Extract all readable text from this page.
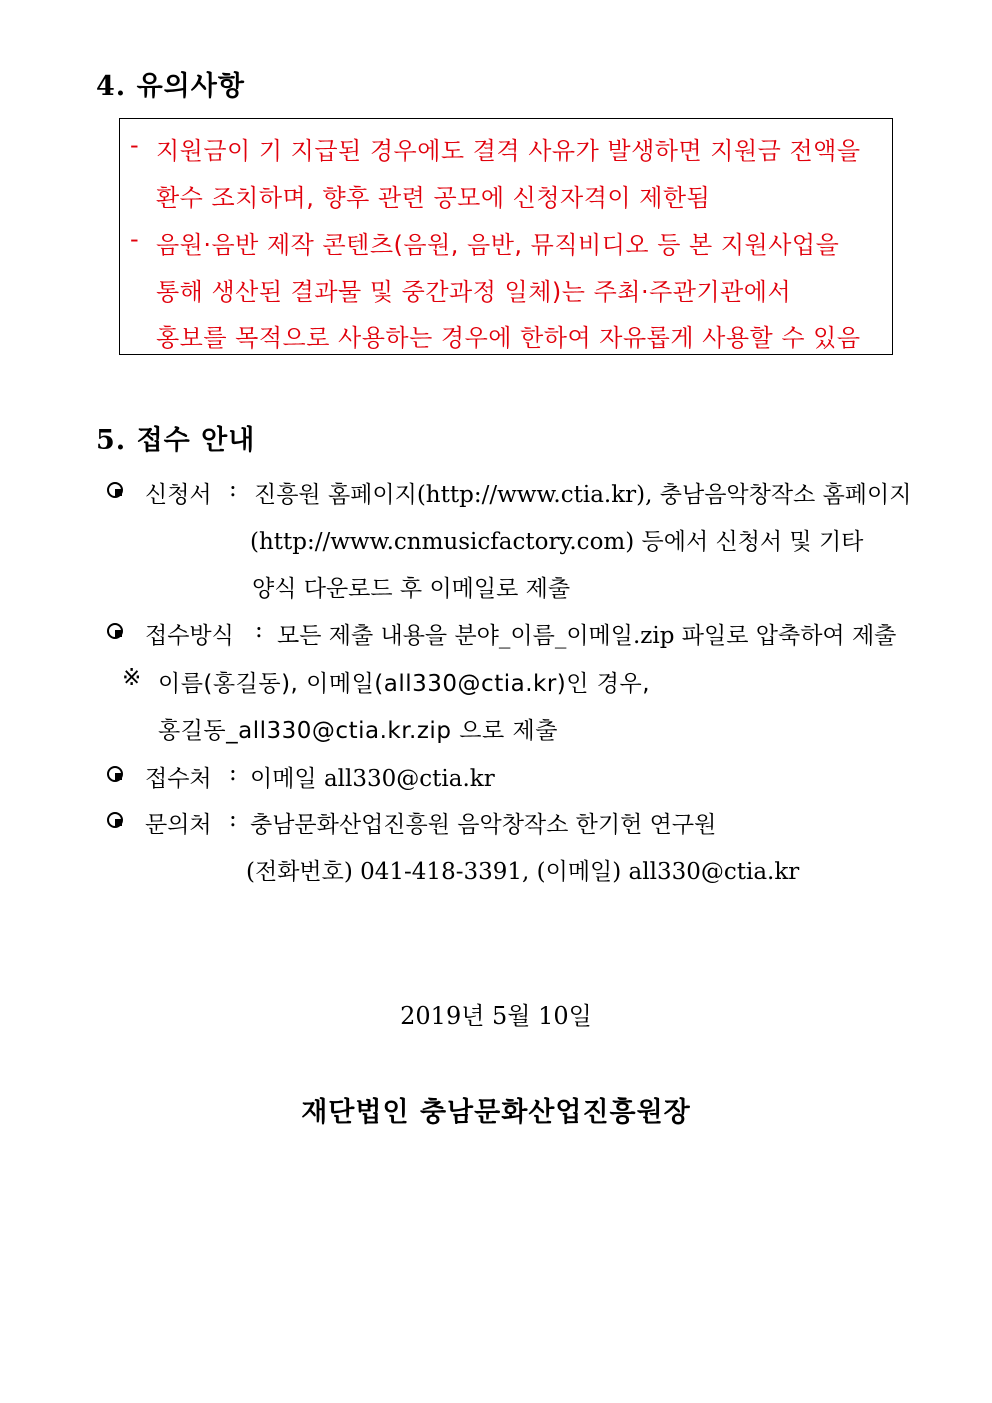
4. 유의사항
- 지원금이 기 지급된 경우에도 결격 사유가 발생하면 지원금 전액을
환수 조치하며, 향후 관련 공모에 신청자격이 제한됨
- 음원·음반 제작 콘텐츠(음원, 음반, 뮤직비디오 등 본 지원사업을
통해 생산된 결과물 및 중간과정 일체)는 주최·주관기관에서
홍보를 목적으로 사용하는 경우에 한하여 자유롭게 사용할 수 있음
5. 접수 안내
신청서 : 진흥원 홈페이지(http://www.ctia.kr), 충남음악창작소 홈페이지
(http://www.cnmusicfactory.com) 등에서 신청서 및 기타
양식 다운로드 후 이메일로 제출
접수방식 : 모든 제출 내용을 분야_이름_이메일.zip 파일로 압축하여 제출
※ 이름(홍길동), 이메일(all330@ctia.kr)인 경우,
홍길동_all330@ctia.kr.zip 으로 제출
접수처 : 이메일 all330@ctia.kr
문의처 : 충남문화산업진흥원 음악창작소 한기헌 연구원
(전화번호) 041-418-3391, (이메일) all330@ctia.kr
2019년 5월 10일
재단법인 충남문화산업진흥원장
